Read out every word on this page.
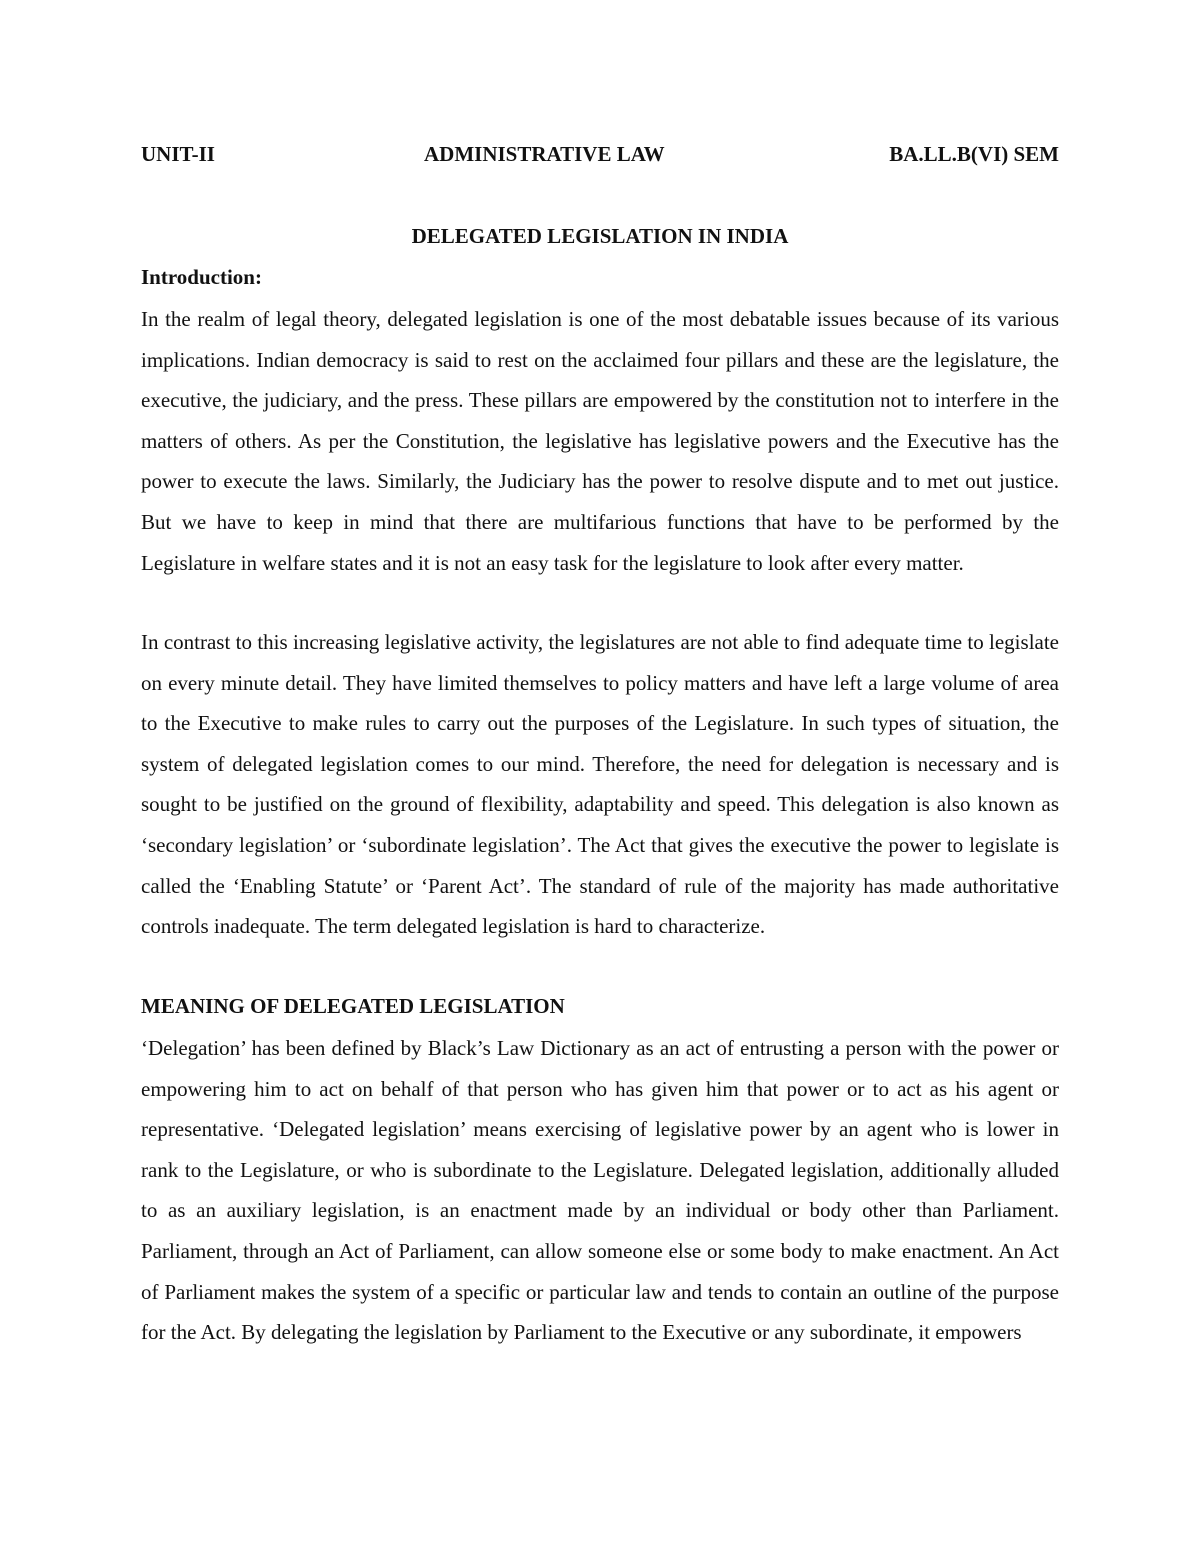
UNIT-II	ADMINISTRATIVE LAW	BA.LL.B(VI) SEM
DELEGATED LEGISLATION IN INDIA
Introduction:

In the realm of legal theory, delegated legislation is one of the most debatable issues because of its various implications. Indian democracy is said to rest on the acclaimed four pillars and these are the legislature, the executive, the judiciary, and the press. These pillars are empowered by the constitution not to interfere in the matters of others. As per the Constitution, the legislative has legislative powers and the Executive has the power to execute the laws. Similarly, the Judiciary has the power to resolve dispute and to met out justice. But we have to keep in mind that there are multifarious functions that have to be performed by the Legislature in welfare states and it is not an easy task for the legislature to look after every matter.

In contrast to this increasing legislative activity, the legislatures are not able to find adequate time to legislate on every minute detail. They have limited themselves to policy matters and have left a large volume of area to the Executive to make rules to carry out the purposes of the Legislature. In such types of situation, the system of delegated legislation comes to our mind. Therefore, the need for delegation is necessary and is sought to be justified on the ground of flexibility, adaptability and speed. This delegation is also known as ‘secondary legislation’ or ‘subordinate legislation’. The Act that gives the executive the power to legislate is called the ‘Enabling Statute’ or ‘Parent Act’. The standard of rule of the majority has made authoritative controls inadequate. The term delegated legislation is hard to characterize.

MEANING OF DELEGATED LEGISLATION

‘Delegation’ has been defined by Black’s Law Dictionary as an act of entrusting a person with the power or empowering him to act on behalf of that person who has given him that power or to act as his agent or representative. ‘Delegated legislation’ means exercising of legislative power by an agent who is lower in rank to the Legislature, or who is subordinate to the Legislature. Delegated legislation, additionally alluded to as an auxiliary legislation, is an enactment made by an individual or body other than Parliament. Parliament, through an Act of Parliament, can allow someone else or some body to make enactment. An Act of Parliament makes the system of a specific or particular law and tends to contain an outline of the purpose for the Act. By delegating the legislation by Parliament to the Executive or any subordinate, it empowers
